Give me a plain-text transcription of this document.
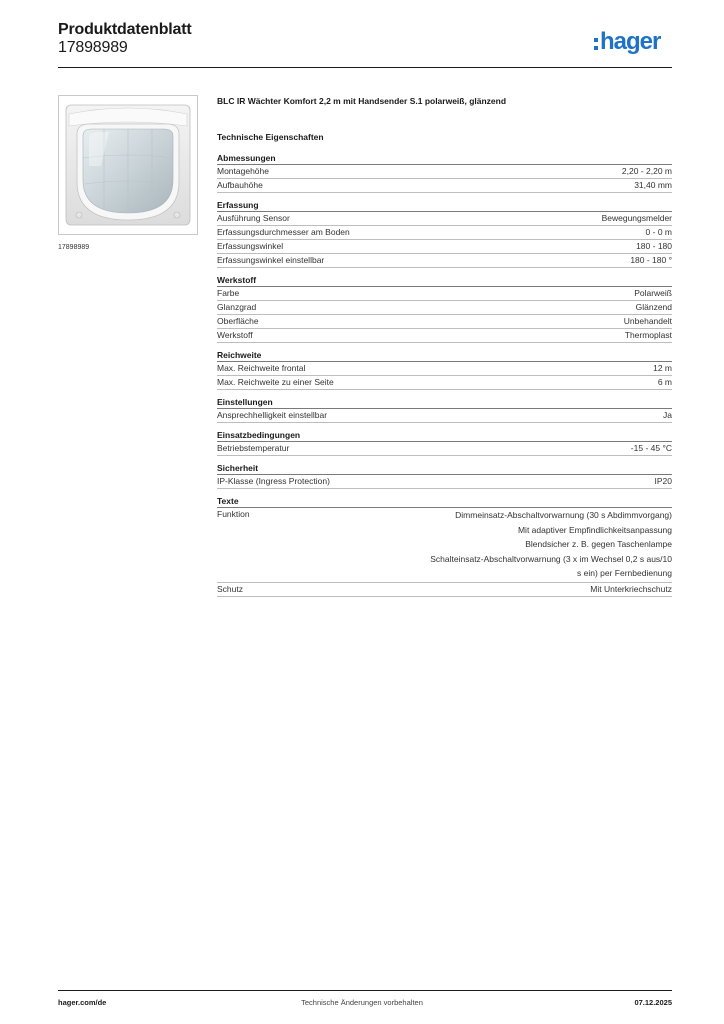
Produktdatenblatt
17898989	hager
17898989
BLC IR Wächter Komfort 2,2 m mit Handsender S.1 polarweiß, glänzend
Technische Eigenschaften
Abmessungen
Montagehöhe	2,20 - 2,20 m
Aufbauhöhe	31,40 mm
Erfassung
Ausführung Sensor	Bewegungsmelder
Erfassungsdurchmesser am Boden	0 - 0 m
Erfassungswinkel	180 - 180
Erfassungswinkel einstellbar	180 - 180 °
Werkstoff
Farbe	Polarweiß
Glanzgrad	Glänzend
Oberfläche	Unbehandelt
Werkstoff	Thermoplast
Reichweite
Max. Reichweite frontal	12 m
Max. Reichweite zu einer Seite	6 m
Einstellungen
Ansprechhelligkeit einstellbar	Ja
Einsatzbedingungen
Betriebstemperatur	-15 - 45 °C
Sicherheit
IP-Klasse (Ingress Protection)	IP20
Texte
Funktion	Dimmeinsatz-Abschaltvorwarnung (30 s Abdimmvorgang)
Mit adaptiver Empfindlichkeitsanpassung
Blendsicher z. B. gegen Taschenlampe
Schalteinsatz-Abschaltvorwarnung (3 x im Wechsel 0,2 s aus/10
s ein) per Fernbedienung
Schutz	Mit Unterkriechschutz
hager.com/de	Technische Änderungen vorbehalten	07.12.2025
